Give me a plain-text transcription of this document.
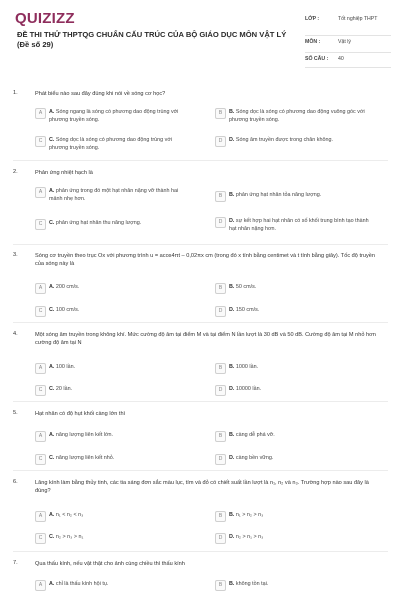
QUIZIZZ
ĐỀ THI THỬ THPTQG CHUẨN CẤU TRÚC CỦA BỘ GIÁO DỤC MÔN VẬT LÝ (Đề số 29)
LỚP :	Tốt nghiệp THPT
MÔN :	Vật lý
SỐ CÂU : 40
1.	Phát biểu nào sau đây đúng khi nói về sóng cơ học?
A	A. Sóng ngang là sóng có phương dao động trùng với phương truyền sóng.
B	B. Sóng dọc là sóng có phương dao động vuông góc với phương truyền sóng.
C	C. Sóng dọc là sóng có phương dao động trùng với phương truyền sóng.
D	D. Sóng âm truyền được trong chân không.
2.	Phản ứng nhiệt hạch là
A	A. phản ứng trong đó một hạt nhân nặng vỡ thành hai mảnh nhẹ hơn.	B	B. phản ứng hạt nhân tỏa năng lượng.
C	C. phản ứng hạt nhân thu năng lượng.	D	D. sự kết hợp hai hạt nhân có số khối trung bình tạo thành hạt nhân nặng hơn.
3.	Sóng cơ truyền theo trục Ox với phương trình u = acos4πt – 0,02πx cm (trong đó x tính bằng centimet và t tính bằng giây). Tốc độ truyền của sóng này là
A	A. 200 cm/s.	B	B. 50 cm/s.
C	C. 100 cm/s.	D	D. 150 cm/s.
4.	Một sóng âm truyền trong không khí. Mức cường độ âm tại điểm M và tại điểm N lần lượt là 30 dB và 50 dB. Cường độ âm tại M nhỏ hơn cường độ âm tại N
A	A. 100 lần.	B	B. 1000 lần.
C	C. 20 lần.	D	D. 10000 lần.
5.	Hạt nhân có độ hụt khối càng lớn thì
A	A. năng lượng liên kết lớn.	B	B. càng dễ phá vỡ.
C	C. năng lượng liên kết nhỏ.	D	D. càng bền vững.
6.	Lăng kính làm bằng thủy tinh, các tia sáng đơn sắc màu lục, tím và đỏ có chiết suất lần lượt là n₁, n₂ và n₃. Trường hợp nào sau đây là đúng?
A	A. n₁ < n₂ < n₃	B	B. n₁ > n₂ > n₃
C	C. n₂ > n₃ > n₁	D	D. n₂ > n₁ > n₃
7.	Qua thấu kính, nếu vật thật cho ảnh cùng chiều thì thấu kính
A	A. chỉ là thấu kính hội tụ.	B	B. không tồn tại.
